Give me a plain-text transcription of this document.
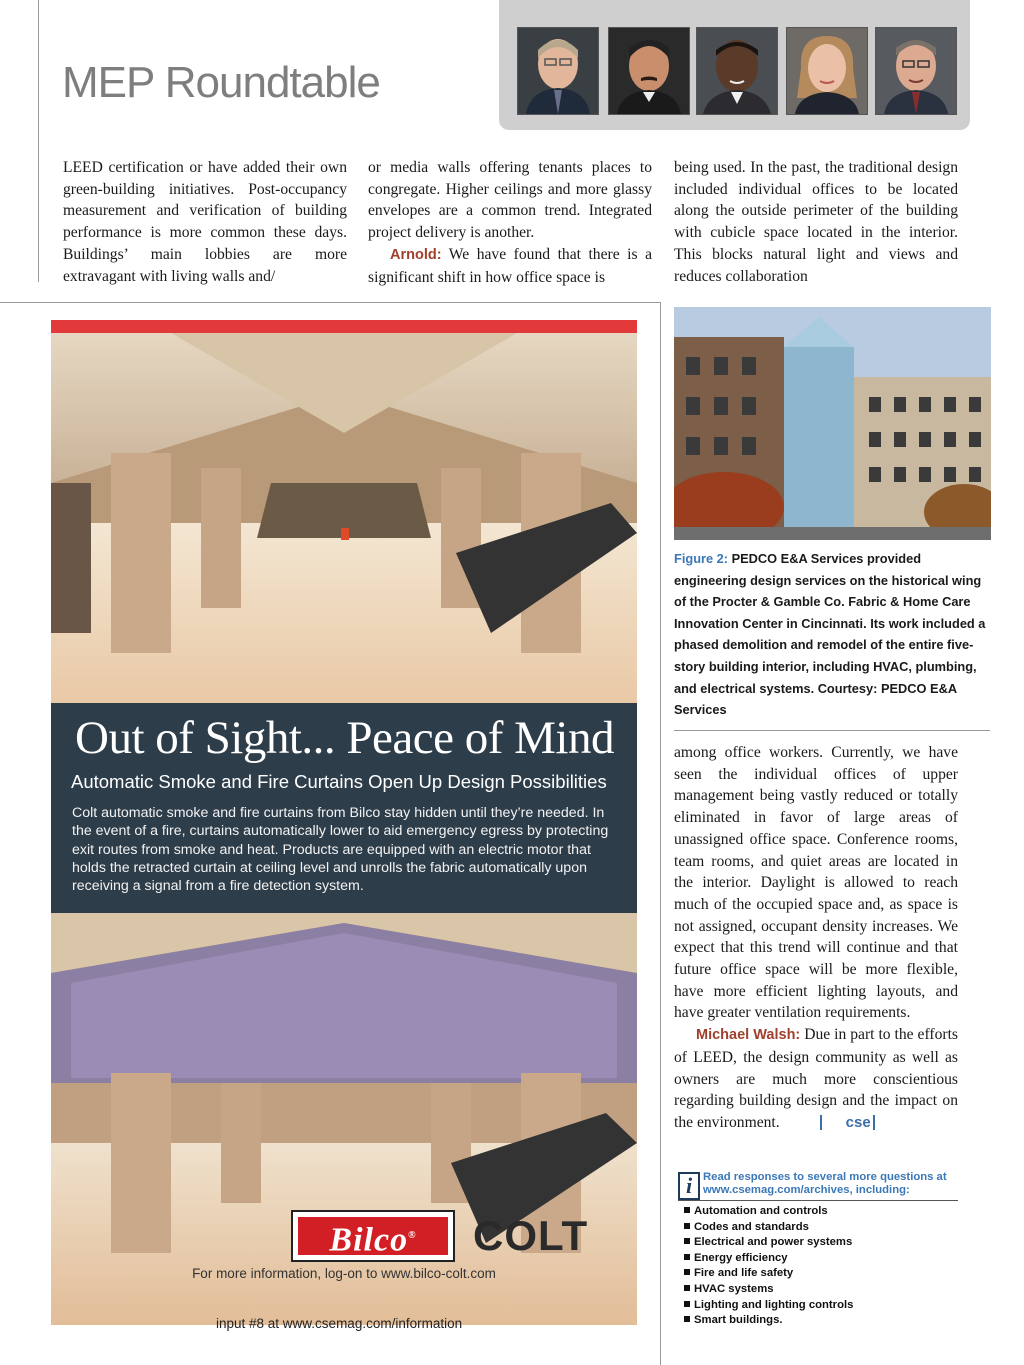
MEP Roundtable

LEED certification or have added their own green-building initiatives. Post-occupancy measurement and verification of building performance is more common these days. Buildings’ main lobbies are more extravagant with living walls and/

or media walls offering tenants places to congregate. Higher ceilings and more glassy envelopes are a common trend. Integrated project delivery is another.

Arnold: We have found that there is a significant shift in how office space is

being used. In the past, the traditional design included individual offices to be located along the outside perimeter of the building with cubicle space located in the interior. This blocks natural light and views and reduces collaboration

Out of Sight... Peace of Mind
Automatic Smoke and Fire Curtains Open Up Design Possibilities
Colt automatic smoke and fire curtains from Bilco stay hidden until they’re needed. In the event of a fire, curtains automatically lower to aid emergency egress by protecting exit routes from smoke and heat. Products are equipped with an electric motor that holds the retracted curtain at ceiling level and unrolls the fabric automatically upon receiving a signal from a fire detection system.
Bilco®	COLT
For more information, log-on to www.bilco-colt.com
input #8 at www.csemag.com/information
Figure 2: PEDCO E&A Services provided engineering design services on the historical wing of the Procter & Gamble Co. Fabric & Home Care Innovation Center in Cincinnati. Its work included a phased demolition and remodel of the entire five-story building interior, including HVAC, plumbing, and electrical systems. Courtesy: PEDCO E&A Services

among office workers. Currently, we have seen the individual offices of upper management being vastly reduced or totally eliminated in favor of large areas of unassigned office space. Conference rooms, team rooms, and quiet areas are located in the interior. Daylight is allowed to reach much of the occupied space and, as space is not assigned, occupant density increases. We expect that this trend will continue and that future office space will be more flexible, have more efficient lighting layouts, and have greater ventilation requirements.

Michael Walsh: Due in part to the efforts of LEED, the design community as well as owners are much more conscientious regarding building design and the impact on the environment.	cse

i Read responses to several more questions at www.csemag.com/archives, including:
Automation and controls
Codes and standards
Electrical and power systems
Energy efficiency
Fire and life safety
HVAC systems
Lighting and lighting controls
Smart buildings.
